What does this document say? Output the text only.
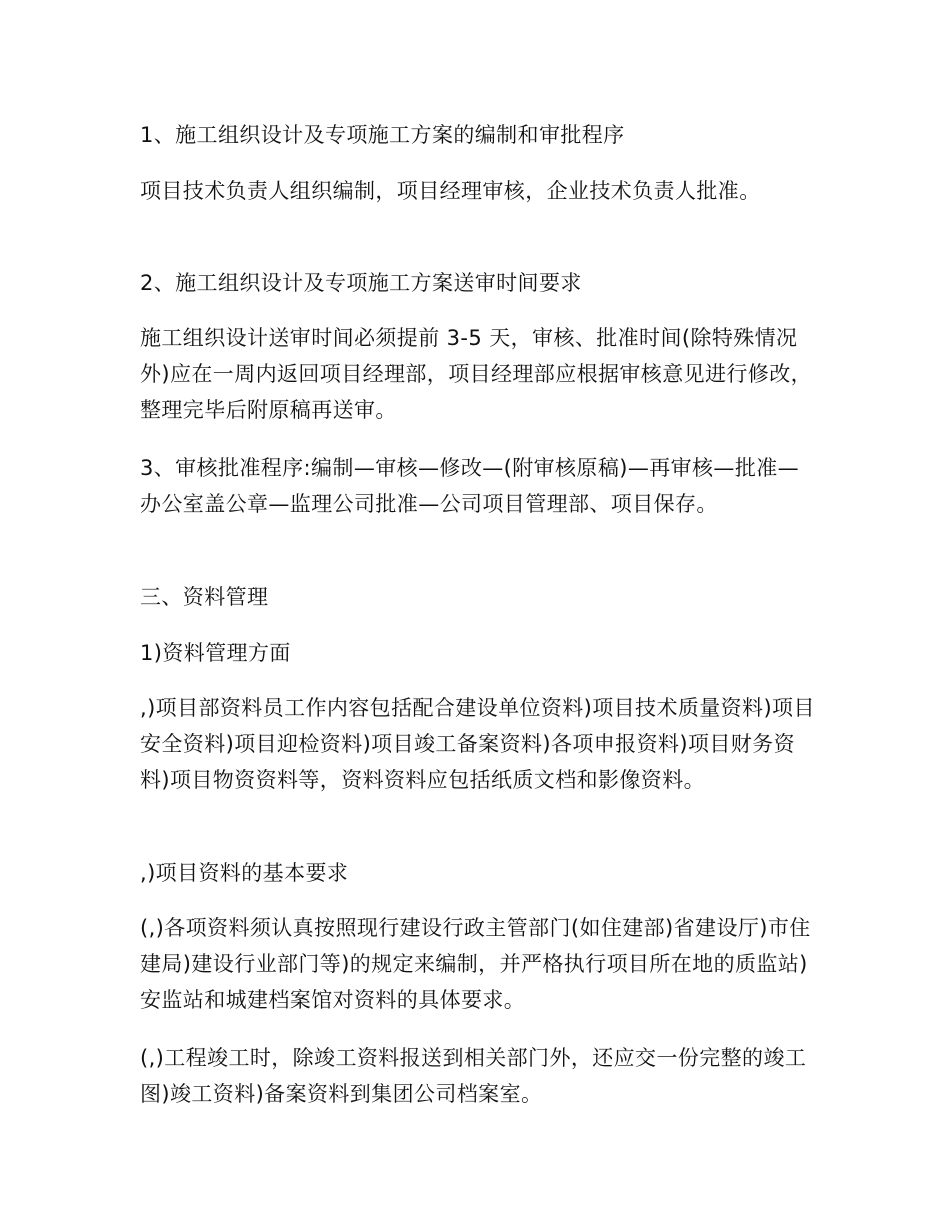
1、施工组织设计及专项施工方案的编制和审批程序

项目技术负责人组织编制，项目经理审核，企业技术负责人批准。

2、施工组织设计及专项施工方案送审时间要求

施工组织设计送审时间必须提前 3-5 天，审核、批准时间(除特殊情况外)应在一周内返回项目经理部，项目经理部应根据审核意见进行修改，整理完毕后附原稿再送审。

3、审核批准程序:编制—审核—修改—(附审核原稿)—再审核—批准—办公室盖公章—监理公司批准—公司项目管理部、项目保存。

三、资料管理

1)资料管理方面

,)项目部资料员工作内容包括配合建设单位资料)项目技术质量资料)项目安全资料)项目迎检资料)项目竣工备案资料)各项申报资料)项目财务资料)项目物资资料等，资料资料应包括纸质文档和影像资料。

,)项目资料的基本要求

(,)各项资料须认真按照现行建设行政主管部门(如住建部)省建设厅)市住建局)建设行业部门等)的规定来编制，并严格执行项目所在地的质监站)安监站和城建档案馆对资料的具体要求。

(,)工程竣工时，除竣工资料报送到相关部门外，还应交一份完整的竣工图)竣工资料)备案资料到集团公司档案室。
